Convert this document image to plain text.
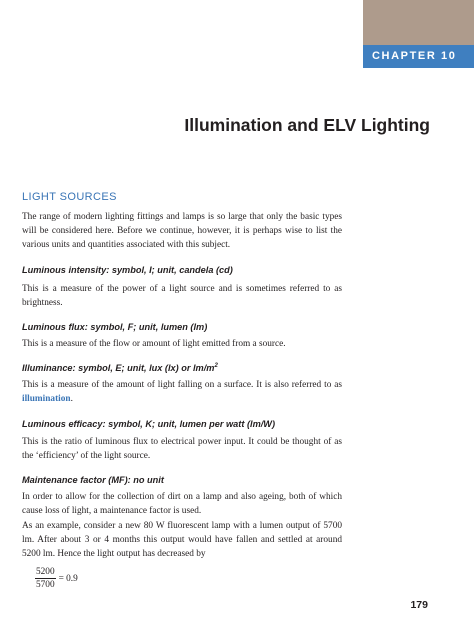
CHAPTER 10
Illumination and ELV Lighting
LIGHT SOURCES

The range of modern lighting fittings and lamps is so large that only the basic types will be considered here. Before we continue, however, it is perhaps wise to list the various units and quantities associated with this subject.

Luminous intensity: symbol, I; unit, candela (cd)

This is a measure of the power of a light source and is sometimes referred to as brightness.

Luminous flux: symbol, F; unit, lumen (lm)

This is a measure of the flow or amount of light emitted from a source.

Illuminance: symbol, E; unit, lux (lx) or $lm/m^2$

This is a measure of the amount of light falling on a surface. It is also referred to as illumination.

Luminous efficacy: symbol, K; unit, lumen per watt (lm/W)

This is the ratio of luminous flux to electrical power input. It could be thought of as the ‘efficiency’ of the light source.

Maintenance factor (MF): no unit

In order to allow for the collection of dirt on a lamp and also ageing, both of which cause loss of light, a maintenance factor is used.

As an example, consider a new 80 W fluorescent lamp with a lumen output of 5700 lm. After about 3 or 4 months this output would have fallen and settled at around 5200 lm. Hence the light output has decreased by

$\frac{5200}{5700} = 0.9$
179
